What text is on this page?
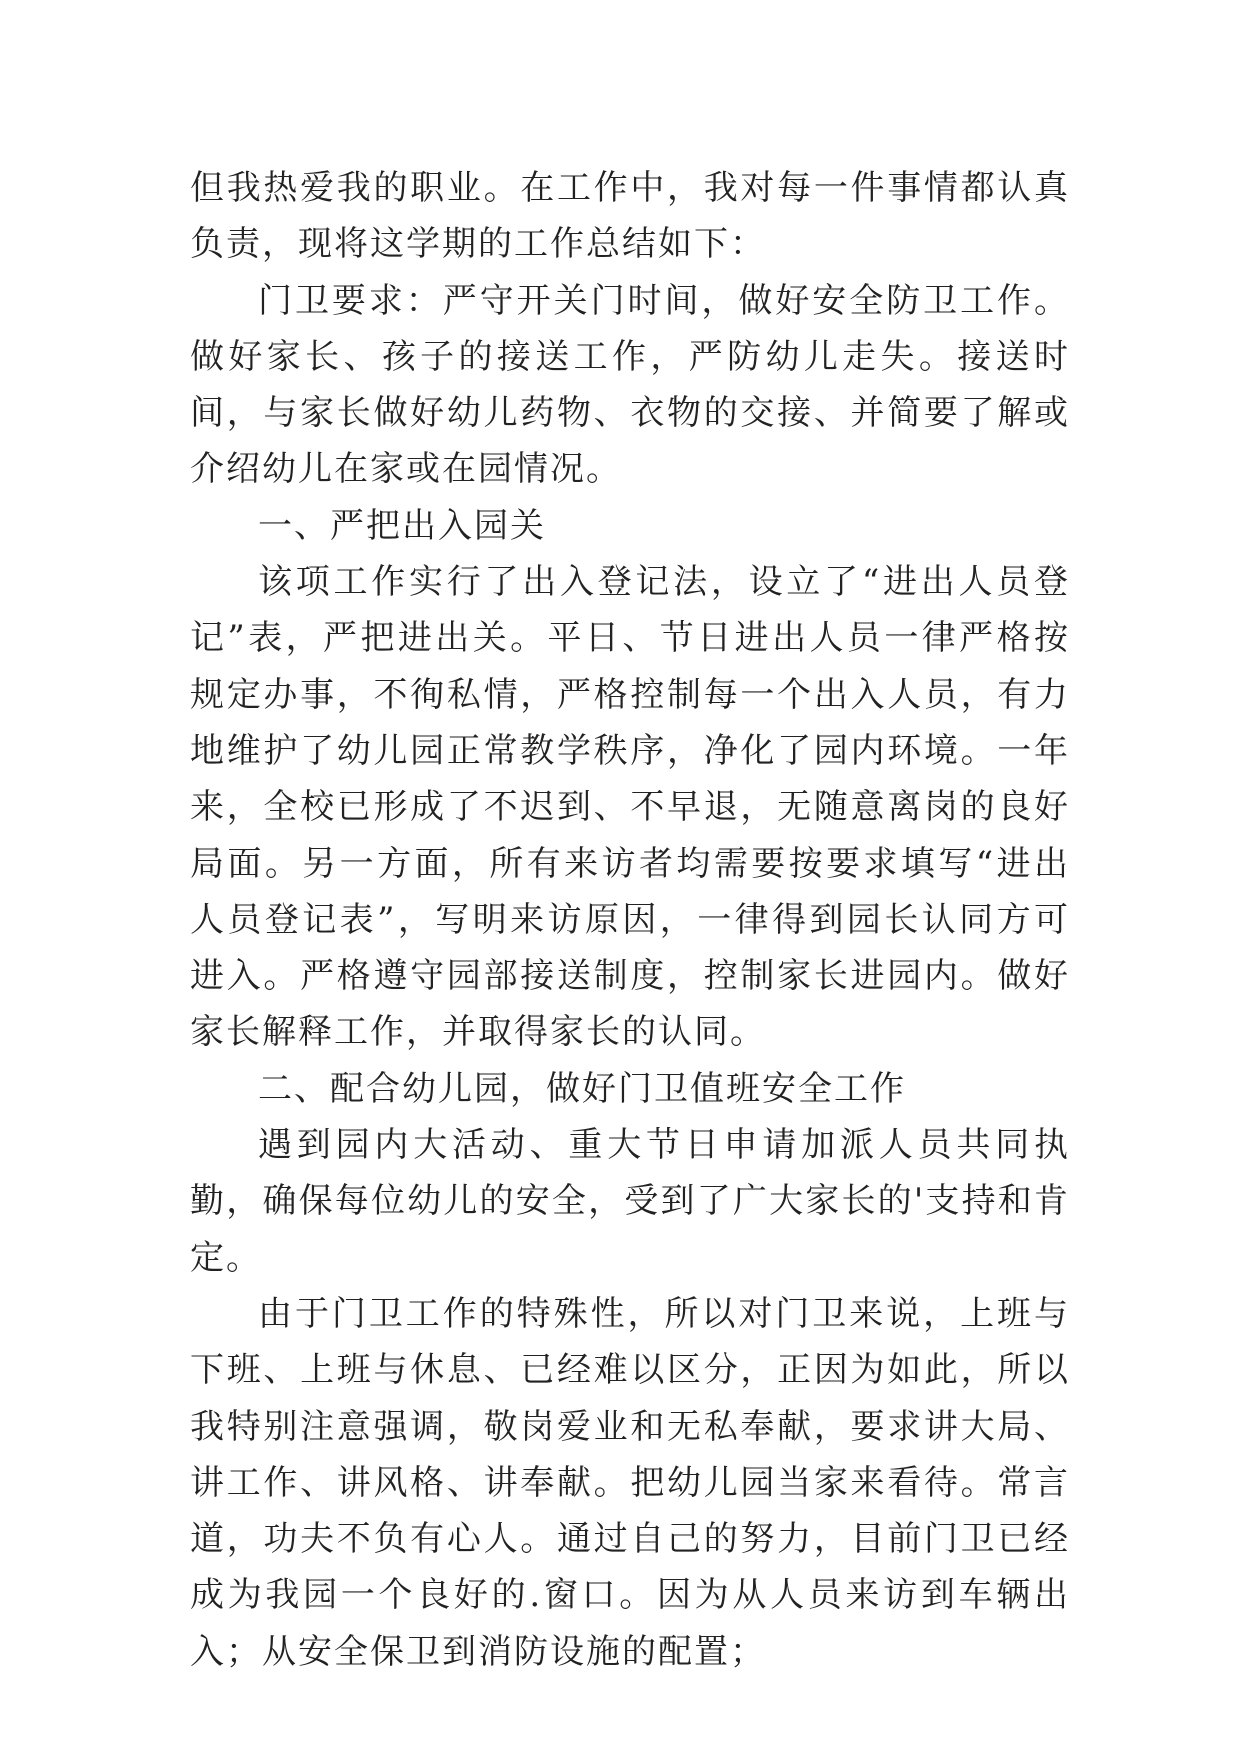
但我热爱我的职业。在工作中，我对每一件事情都认真负责，现将这学期的工作总结如下：

门卫要求：严守开关门时间，做好安全防卫工作。做好家长、孩子的接送工作，严防幼儿走失。接送时间，与家长做好幼儿药物、衣物的交接、并简要了解或介绍幼儿在家或在园情况。

一、严把出入园关

该项工作实行了出入登记法，设立了“进出人员登记”表，严把进出关。平日、节日进出人员一律严格按规定办事，不徇私情，严格控制每一个出入人员，有力地维护了幼儿园正常教学秩序，净化了园内环境。一年来，全校已形成了不迟到、不早退，无随意离岗的良好局面。另一方面，所有来访者均需要按要求填写“进出人员登记表”，写明来访原因，一律得到园长认同方可进入。严格遵守园部接送制度，控制家长进园内。做好家长解释工作，并取得家长的认同。

二、配合幼儿园，做好门卫值班安全工作

遇到园内大活动、重大节日申请加派人员共同执勤，确保每位幼儿的安全，受到了广大家长的'支持和肯定。

由于门卫工作的特殊性，所以对门卫来说，上班与下班、上班与休息、已经难以区分，正因为如此，所以我特别注意强调，敬岗爱业和无私奉献，要求讲大局、讲工作、讲风格、讲奉献。把幼儿园当家来看待。常言道，功夫不负有心人。通过自己的努力，目前门卫已经成为我园一个良好的.窗口。因为从人员来访到车辆出入；从安全保卫到消防设施的配置；
